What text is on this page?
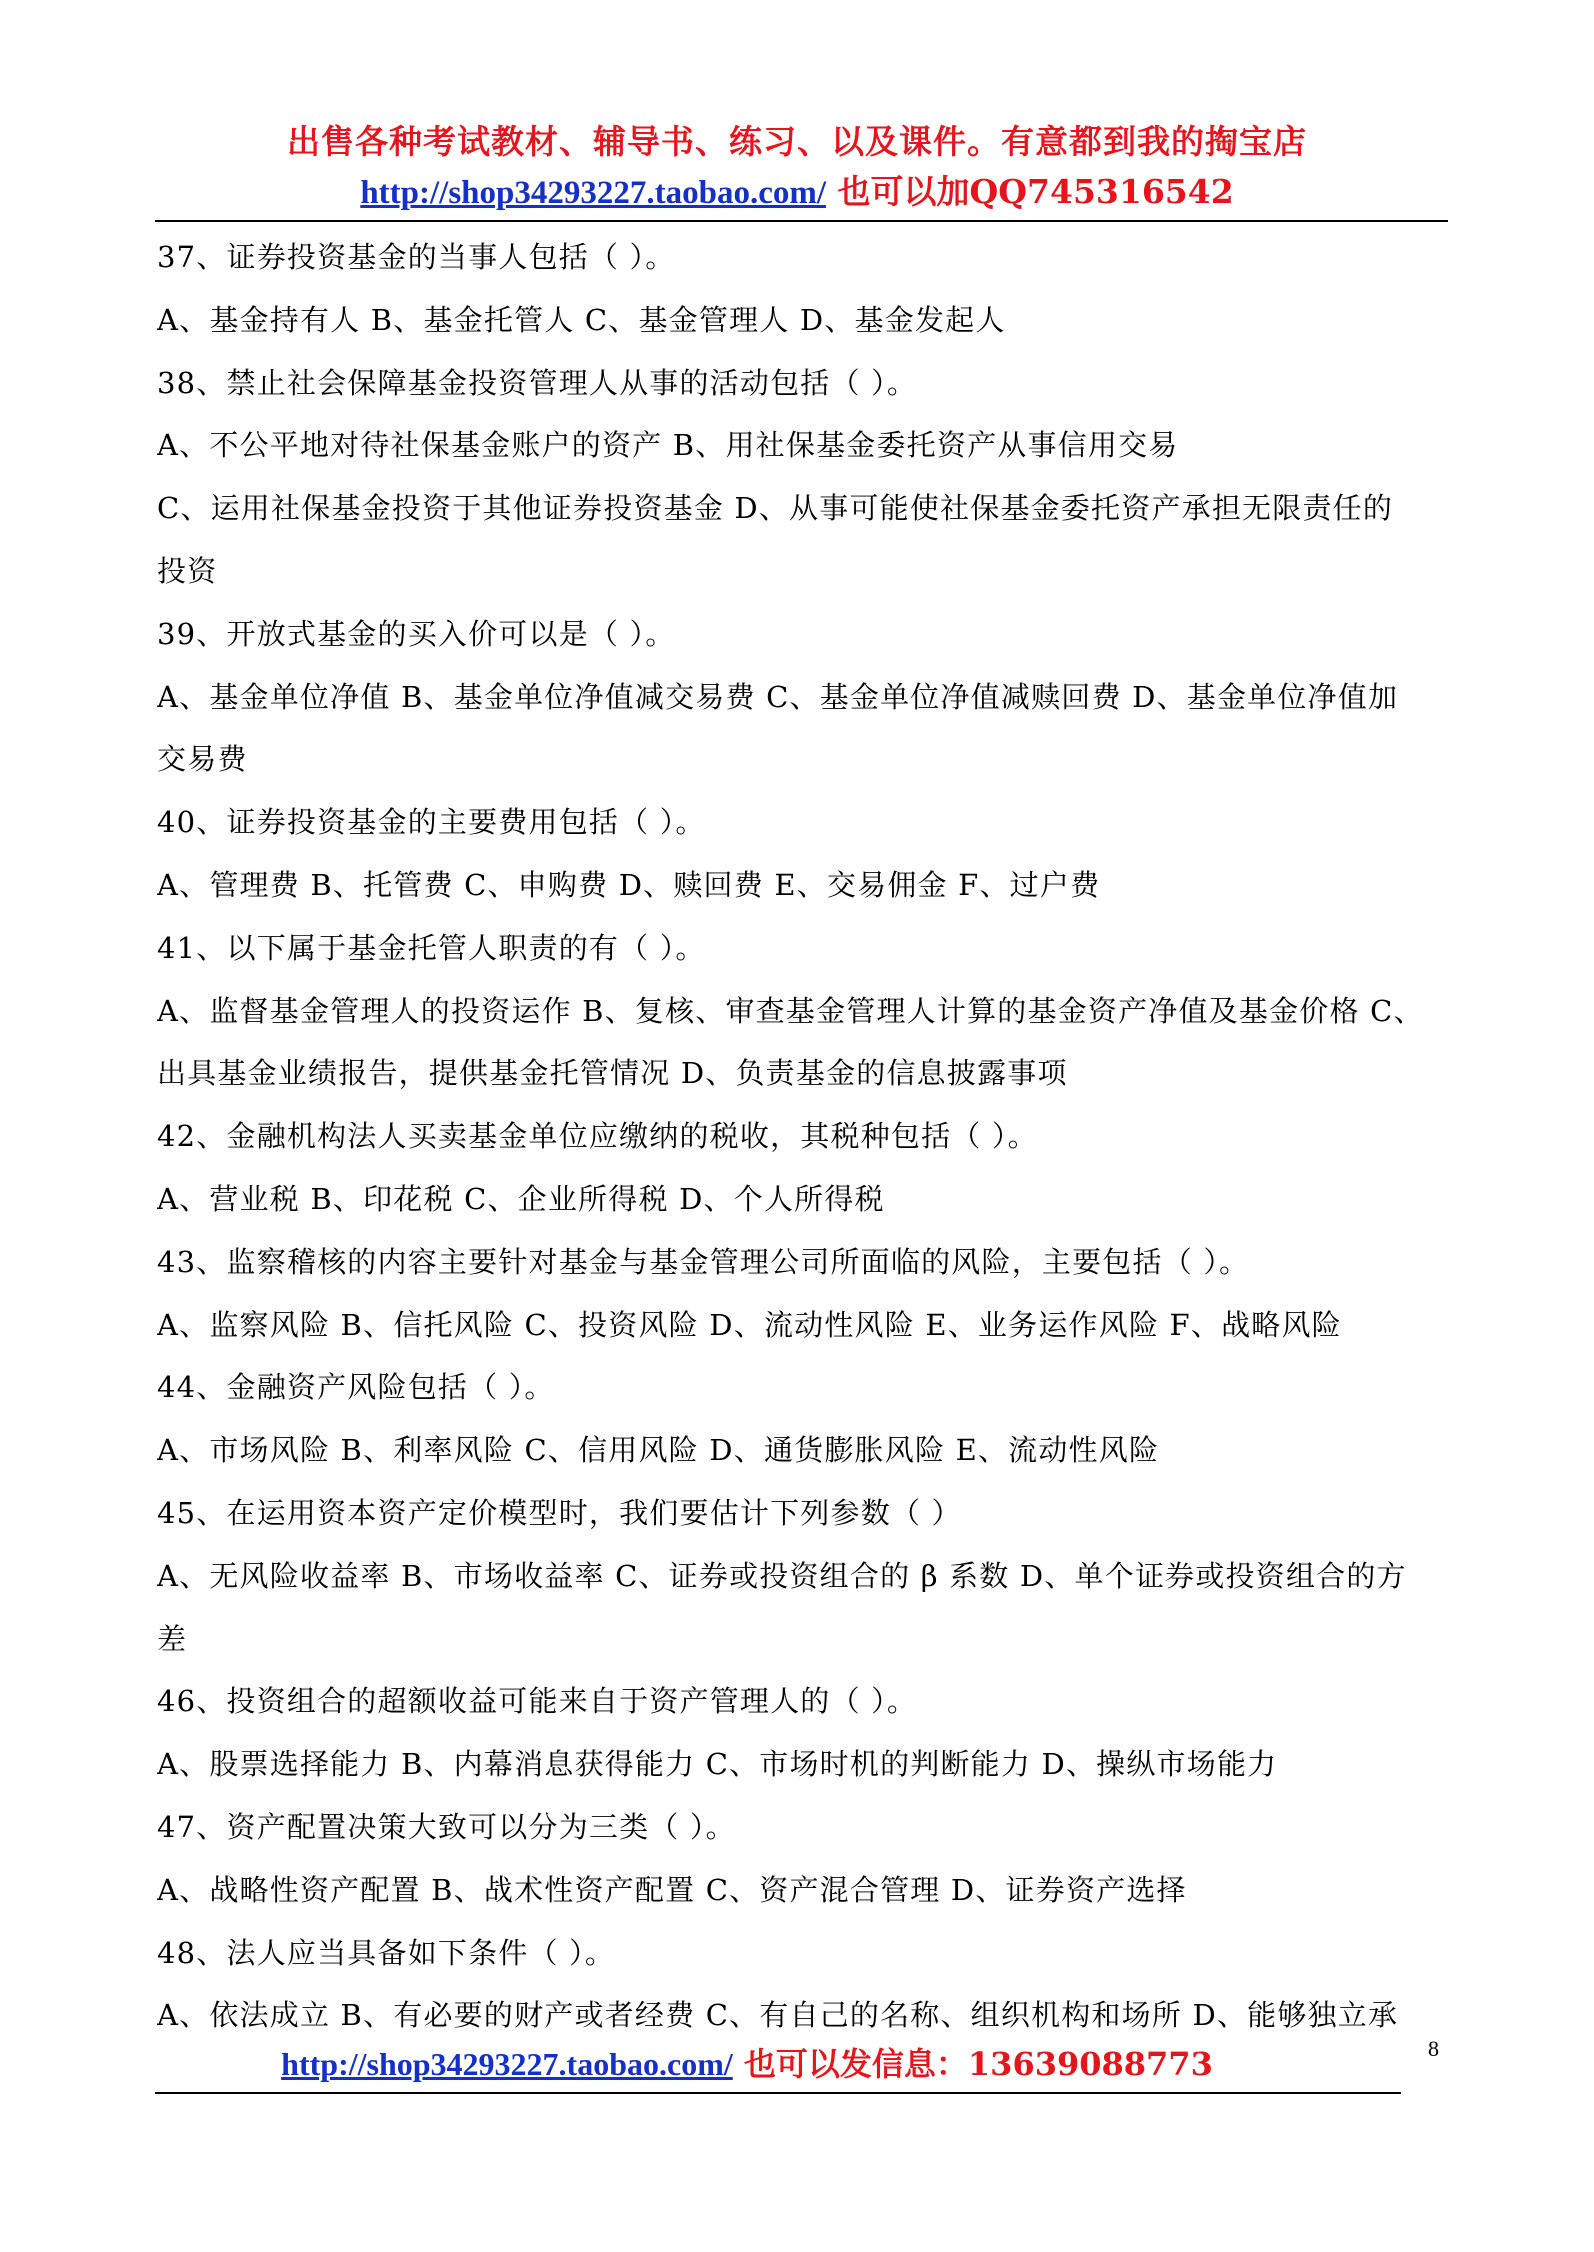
出售各种考试教材、辅导书、练习、以及课件。有意都到我的掏宝店
http://shop34293227.taobao.com/ 也可以加QQ745316542
37、证券投资基金的当事人包括（ ）。
A、基金持有人 B、基金托管人 C、基金管理人 D、基金发起人
38、禁止社会保障基金投资管理人从事的活动包括（ ）。
A、不公平地对待社保基金账户的资产 B、用社保基金委托资产从事信用交易
C、运用社保基金投资于其他证券投资基金 D、从事可能使社保基金委托资产承担无限责任的
投资
39、开放式基金的买入价可以是（ ）。
A、基金单位净值 B、基金单位净值减交易费 C、基金单位净值减赎回费 D、基金单位净值加
交易费
40、证券投资基金的主要费用包括（ ）。
A、管理费 B、托管费 C、申购费 D、赎回费 E、交易佣金 F、过户费
41、以下属于基金托管人职责的有（ ）。
A、监督基金管理人的投资运作 B、复核、审查基金管理人计算的基金资产净值及基金价格 C、
出具基金业绩报告，提供基金托管情况 D、负责基金的信息披露事项
42、金融机构法人买卖基金单位应缴纳的税收，其税种包括（ ）。
A、营业税 B、印花税 C、企业所得税 D、个人所得税
43、监察稽核的内容主要针对基金与基金管理公司所面临的风险，主要包括（ ）。
A、监察风险 B、信托风险 C、投资风险 D、流动性风险 E、业务运作风险 F、战略风险
44、金融资产风险包括（ ）。
A、市场风险 B、利率风险 C、信用风险 D、通货膨胀风险 E、流动性风险
45、在运用资本资产定价模型时，我们要估计下列参数（ ）
A、无风险收益率 B、市场收益率 C、证券或投资组合的 β 系数 D、单个证券或投资组合的方
差
46、投资组合的超额收益可能来自于资产管理人的（ ）。
A、股票选择能力 B、内幕消息获得能力 C、市场时机的判断能力 D、操纵市场能力
47、资产配置决策大致可以分为三类（ ）。
A、战略性资产配置 B、战术性资产配置 C、资产混合管理 D、证券资产选择
48、法人应当具备如下条件（ ）。
A、依法成立 B、有必要的财产或者经费 C、有自己的名称、组织机构和场所 D、能够独立承
http://shop34293227.taobao.com/ 也可以发信息：13639088773	8
